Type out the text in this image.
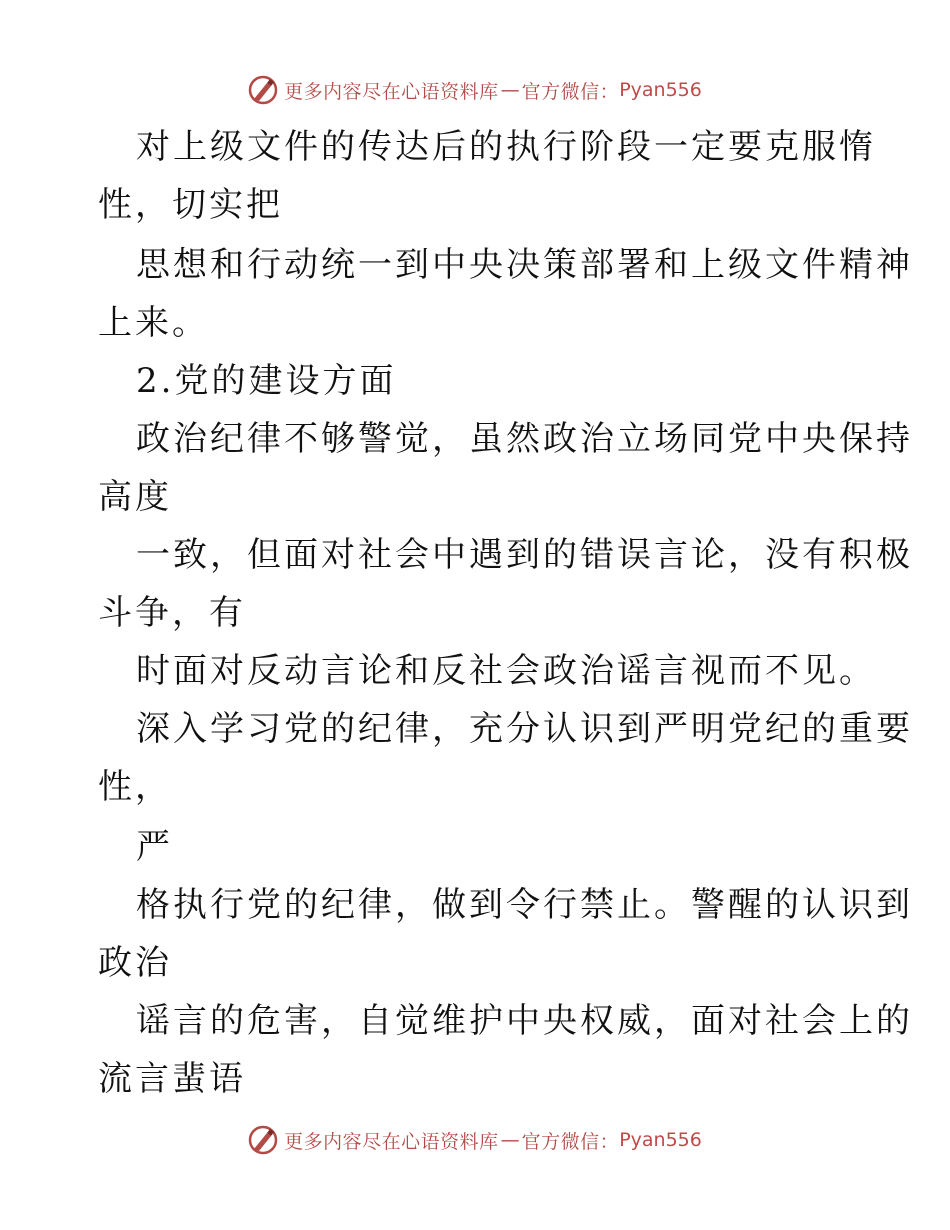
更多内容尽在心语资料库 — 官方微信： Pyan556
对上级文件的传达后的执行阶段一定要克服惰
性，切实把
思想和行动统一到中央决策部署和上级文件精神
上来。
2.党的建设方面
政治纪律不够警觉，虽然政治立场同党中央保持
高度
一致，但面对社会中遇到的错误言论，没有积极
斗争，有
时面对反动言论和反社会政治谣言视而不见。
深入学习党的纪律，充分认识到严明党纪的重要
性，
严
格执行党的纪律，做到令行禁止。警醒的认识到
政治
谣言的危害，自觉维护中央权威，面对社会上的
流言蜚语
更多内容尽在心语资料库 — 官方微信： Pyan556
